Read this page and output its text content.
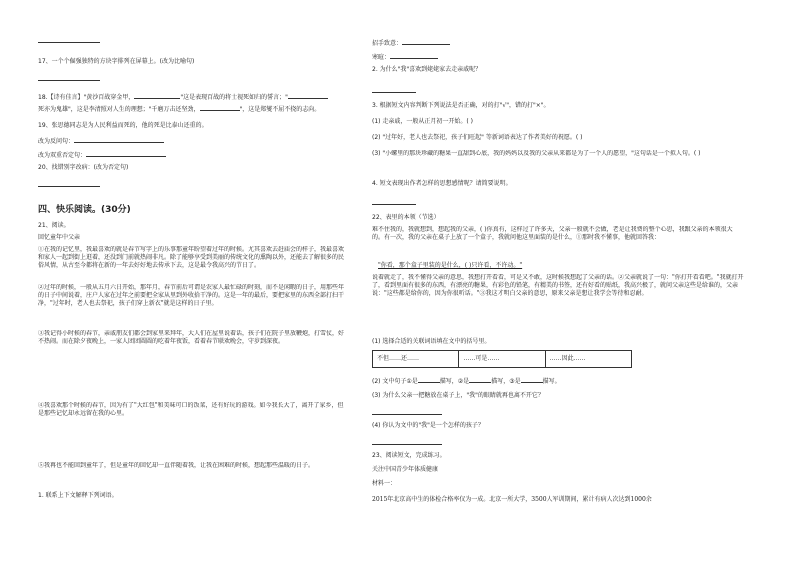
17、一个个倔强独特的方块字排列在屏幕上。(改为比喻句)
18.【诗有佳言】"黄沙百战穿金甲，	"这是表现百战的将士视死如归的誓言；"
死亦为鬼雄"，这是李清照对人生的理想；"千磨万击还坚劲，	"，这是郑燮不屈不挠的志向。
19、张思德同志是为人民利益而死的，他的死是比泰山还重的。
改为反问句：
改为双重否定句：
20、找错别字改病：(改为否定句)
四、快乐阅读。(30分)
21、阅读。
回忆童年中父亲
①在我的记忆里，我最喜欢的就是春节写字上的乐事那童年盼望着过年的时候。尤其喜欢去赶庙会的样子，我最喜欢和家人一起到街上逛着，还没到门前就热闹非凡。除了能够享受到美丽的传统文化的熏陶以外，还能去了解很多的民俗风情，从古至今都将在新的一年去好好地去传承下去，这是最令我高兴的节日了。
②过年的时候，一般从五月六日开始，那年月，春节前后可谓是农家人最忙碌的时刻，而不是闲暇的日子，用那些年的日子中间说着，庄户人家在过年之前要把全家从里到外收拾干净的。这是一年的最后，要把家里的东西全部打扫干净，"过年时，老人也去祭祀，孩子们穿上新衣"就是这样的日子里。
③我记得小时候的春节，亲戚朋友们都会到家里来拜年，大人们在屋里说着话，孩子们在院子里放鞭炮，打雪仗，好不热闹。而在除夕夜晚上，一家人团团圆圆的吃着年夜饭，看着春节联欢晚会，守岁到深夜。
④我喜欢那个时候的春节，因为有了"大红包"和美味可口的饭菜，还有好玩的游戏。如今我长大了，离开了家乡，但是那些记忆却永远留在我的心里。
⑤我再也不能回到童年了，但是童年的回忆却一直伴随着我，让我在困难的时候，想起那些温暖的日子。
1. 联系上下文解释下列词语。
招手致意：
寒暄：
2. 为什么"我"喜欢到姥姥家去走亲戚呢？
3. 根据短文内容判断下列说法是否正确，对的打"√"，错的打"×"。
(1) 走亲戚，一般从正月初一开始。( )
(2) "过年好，老人也去祭祀，孩子们旺起" 等新词语表达了作者美好的祝愿。( )
(3) "小螺里的那块珍藏的糖果一直甜到心底，我的妈妈以及我的父亲从来都是为了一个人的愿望，"这句话是一个拟人句。( )
4. 短文表现出作者怎样的思想感情呢？请简要说明。
22、表里的本领（节选）
难不住我的，我就想到，想起我的父亲，( )你真有，这样过了许多天，父亲一般就不会做，老是让我费的整个心思，我跟父亲的本领很大的。有一次，我的父亲在桌子上放了一个盒子，我就问他这里面装的是什么，①那时我不懂事，他就回答我：
"你看，那个盒子里装的是什么，( )只许看，不许动。"
说着就走了，我不懂得父亲的意思，我想打开看看，可是又不敢，这时候我想起了父亲的话。②父亲就说了一句："你打开看看吧。"我就打开了，看到里面有很多的东西，有漂亮的糖果，有彩色的铅笔，有精美的书签，还有好看的贴纸，我高兴极了，就问父亲这些是给谁的，父亲说："这些都是给你的，因为你很听话。"③我这才明白父亲的意思，原来父亲是想让我学会等待和忍耐。
(1) 选择合适的关联词语填在文中的括号里。
不但……还……	……可是……	……因此……
(2) 文中句子①是	描写，②是	描写，③是	描写。
(3) 为什么父亲一把糖放在桌子上，"我"的眼睛就再也离不开它？
(4) 你认为文中的"我"是一个怎样的孩子？
23、阅读短文，完成练习。
关注中国青少年体质健康
材料一：
2015年北京高中生的体检合格率仅为一成。北京一所大学，3500人军训期间，累计有病人次达到1000余
